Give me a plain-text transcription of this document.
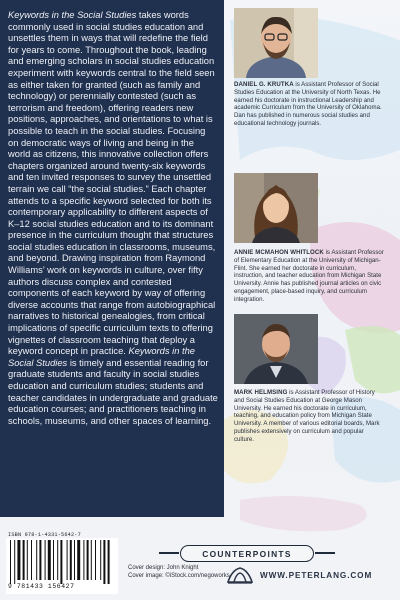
Keywords in the Social Studies takes words commonly used in social studies education and unsettles them in ways that will redefine the field for years to come. Throughout the book, leading and emerging scholars in social studies education experiment with keywords central to the field seen as either taken for granted (such as family and technology) or perennially contested (such as terrorism and freedom), offering readers new positions, approaches, and orientations to what is possible to teach in the social studies. Focusing on democratic ways of living and being in the world as citizens, this innovative collection offers chapters organized around twenty-six keywords and ten invited responses to survey the unsettled terrain we call “the social studies.” Each chapter attends to a specific keyword selected for both its contemporary applicability to different aspects of K–12 social studies education and to its dominant presence in the curriculum thought that structures social studies education in classrooms, museums, and beyond. Drawing inspiration from Raymond Williams’ work on keywords in culture, over fifty authors discuss complex and contested components of each keyword by way of offering diverse accounts that range from autobiographical narratives to historical genealogies, from critical implications of specific curriculum texts to offering vignettes of classroom teaching that deploy a keyword concept in practice. Keywords in the Social Studies is timely and essential reading for graduate students and faculty in social studies education and curriculum studies; students and teacher candidates in undergraduate and graduate education courses; and practitioners teaching in schools, museums, and other spaces of learning.

DANIEL G. KRUTKA is Assistant Professor of Social Studies Education at the University of North Texas. He earned his doctorate in instructional Leadership and academic Curriculum from the University of Oklahoma. Dan has published in numerous social studies and educational technology journals.

ANNIE MCMAHON WHITLOCK is Assistant Professor of Elementary Education at the University of Michigan-Flint. She earned her doctorate in curriculum, instruction, and teacher education from Michigan State University. Annie has published journal articles on civic engagement, place-based inquiry, and curriculum integration.

MARK HELMSING is Assistant Professor of History and Social Studies Education at George Mason University. He earned his doctorate in curriculum, teaching, and education policy from Michigan State University. A member of various editorial boards, Mark publishes extensively on curriculum and popular culture.

ISBN 978-1-4331-5642-7
9 781433 156427
COUNTERPOINTS
Cover design: John Knight
Cover image: ©iStock.com/negoworks	WWW.PETERLANG.COM
